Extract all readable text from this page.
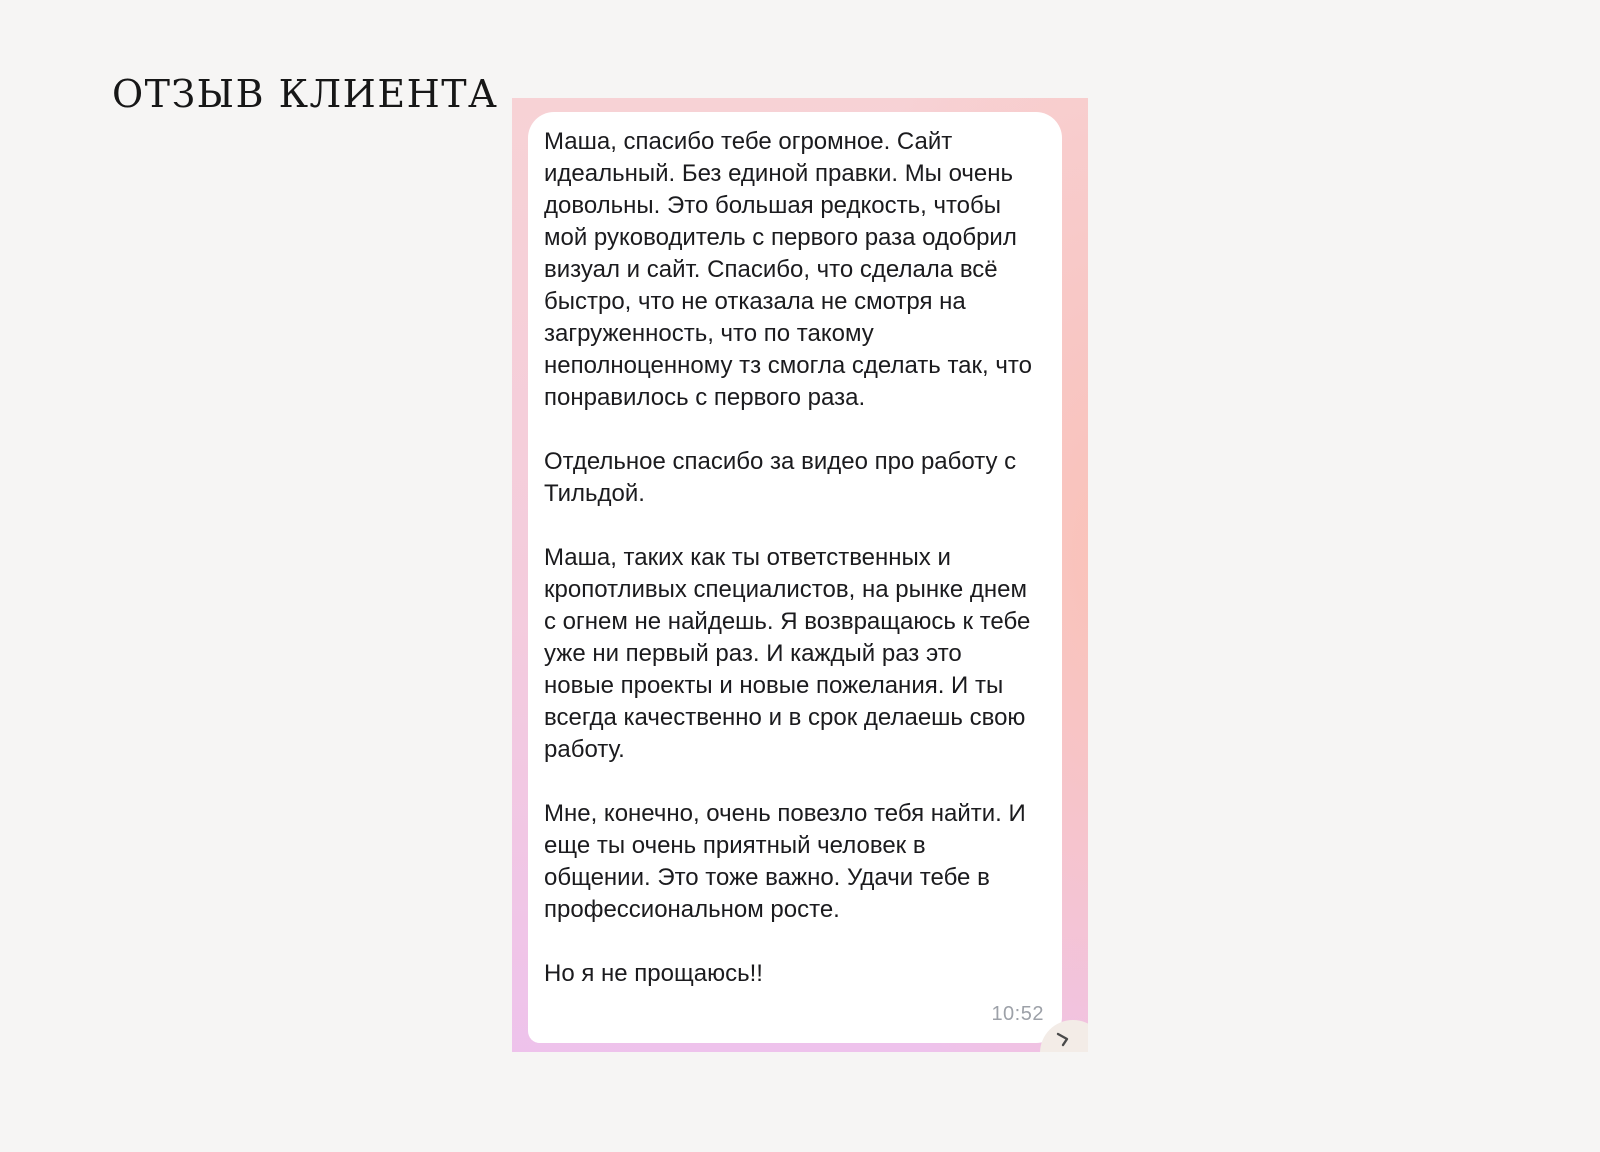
ОТЗЫВ КЛИЕНТА

Маша, спасибо тебе огромное. Сайт идеальный. Без единой правки. Мы очень довольны. Это большая редкость, чтобы мой руководитель с первого раза одобрил визуал и сайт. Спасибо, что сделала всё быстро, что не отказала не смотря на загруженность, что по такому неполноценному тз смогла сделать так, что понравилось с первого раза.

Отдельное спасибо за видео про работу с Тильдой.

Маша, таких как ты ответственных и кропотливых специалистов, на рынке днем с огнем не найдешь. Я возвращаюсь к тебе уже ни первый раз. И каждый раз это новые проекты и новые пожелания. И ты всегда качественно и в срок делаешь свою работу.

Мне, конечно, очень повезло тебя найти. И еще ты очень приятный человек в общении. Это тоже важно. Удачи тебе в профессиональном росте.

Но я не прощаюсь!!

10:52
